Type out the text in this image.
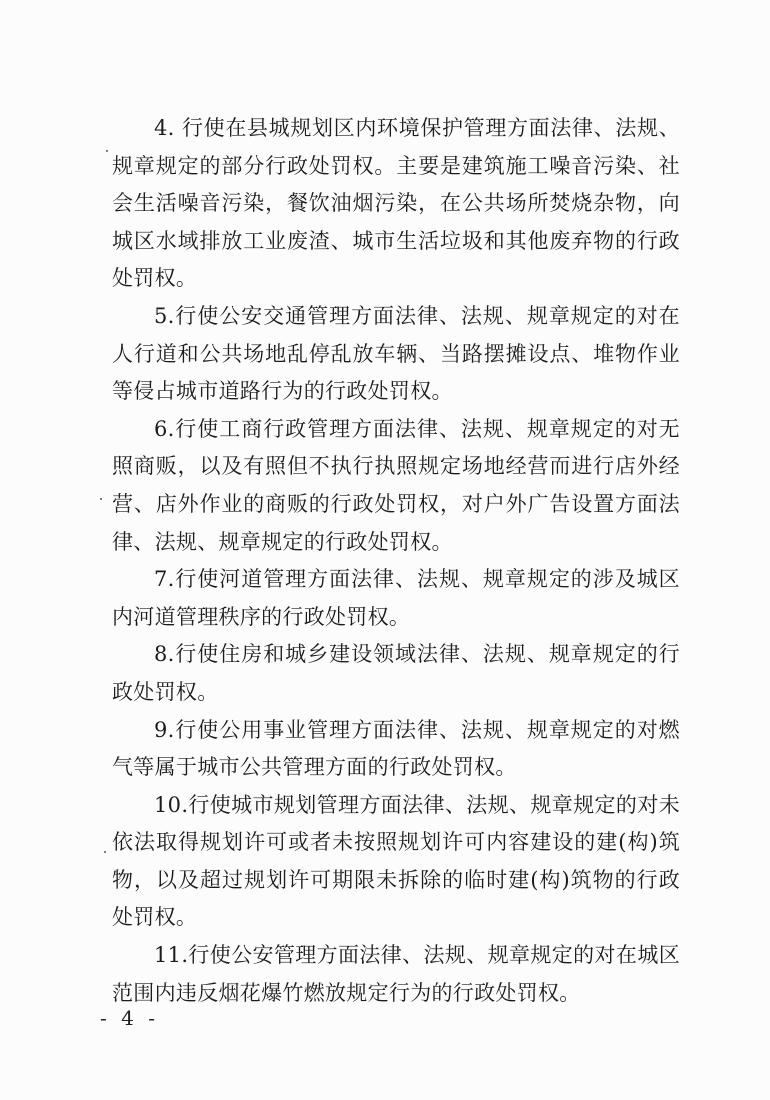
4. 行使在县城规划区内环境保护管理方面法律、法规、规章规定的部分行政处罚权。主要是建筑施工噪音污染、社会生活噪音污染，餐饮油烟污染，在公共场所焚烧杂物，向城区水域排放工业废渣、城市生活垃圾和其他废弃物的行政处罚权。

5.行使公安交通管理方面法律、法规、规章规定的对在人行道和公共场地乱停乱放车辆、当路摆摊设点、堆物作业等侵占城市道路行为的行政处罚权。

6.行使工商行政管理方面法律、法规、规章规定的对无照商贩，以及有照但不执行执照规定场地经营而进行店外经营、店外作业的商贩的行政处罚权，对户外广告设置方面法律、法规、规章规定的行政处罚权。

7.行使河道管理方面法律、法规、规章规定的涉及城区内河道管理秩序的行政处罚权。

8.行使住房和城乡建设领域法律、法规、规章规定的行政处罚权。

9.行使公用事业管理方面法律、法规、规章规定的对燃气等属于城市公共管理方面的行政处罚权。

10.行使城市规划管理方面法律、法规、规章规定的对未依法取得规划许可或者未按照规划许可内容建设的建(构)筑物，以及超过规划许可期限未拆除的临时建(构)筑物的行政处罚权。

11.行使公安管理方面法律、法规、规章规定的对在城区范围内违反烟花爆竹燃放规定行为的行政处罚权。

- 4 -
